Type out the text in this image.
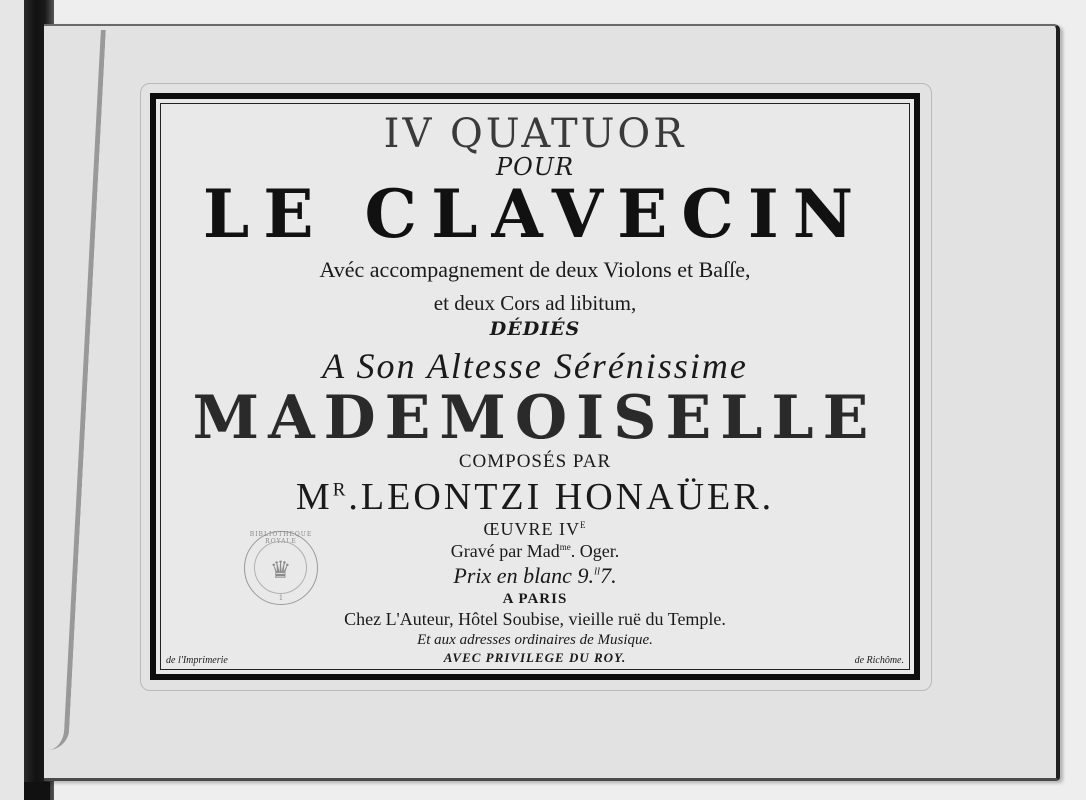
IV QUATUOR
POUR
LE CLAVECIN
Avéc accompagnement de deux Violons et Baſſe,
et deux Cors ad libitum,
DÉDIÉS
A Son Altesse Sérénissime
MADEMOISELLE
COMPOSÉS PAR
$M^R.LEONTZI$ HONAÜER.
ŒUVRE $IV^E$
Gravé par Mad$^{me}$. Oger.
Prix en blanc 9.$^{ll}$7.
A PARIS
Chez L'Auteur, Hôtel Soubise, vieille ruë du Temple.
Et aux adresses ordinaires de Musique.
AVEC PRIVILEGE DU ROY.
de l'Imprimerie	de Richôme.
BIBLIOTHEQUE ROYALE
♛
1
